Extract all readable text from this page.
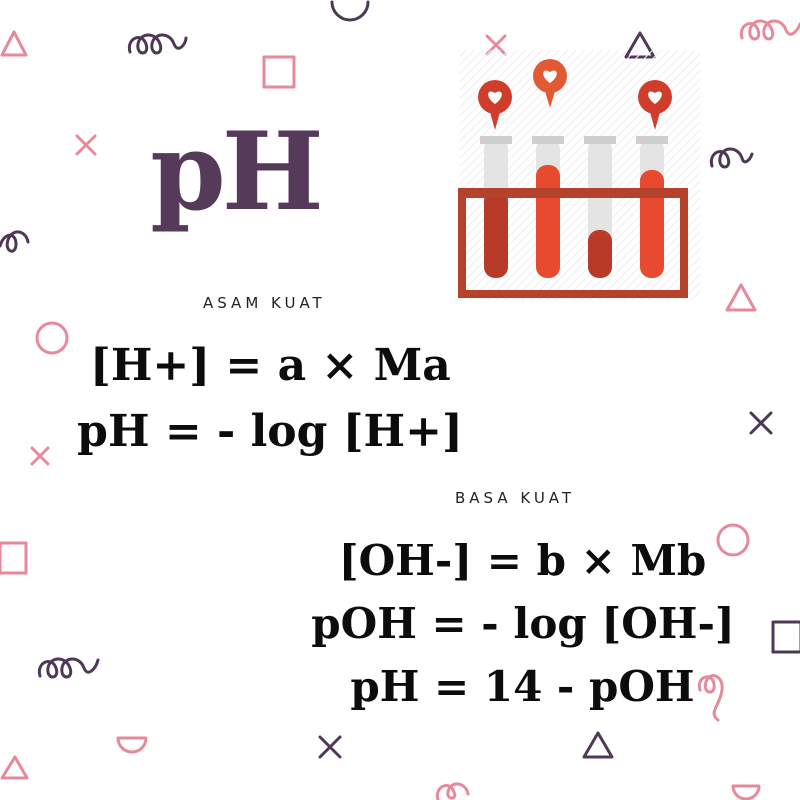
pH
ASAM KUAT
[H+] = a × Ma
pH = - log [H+]
BASA KUAT
[OH-] = b × Mb
pOH = - log [OH-]
pH = 14 - pOH
